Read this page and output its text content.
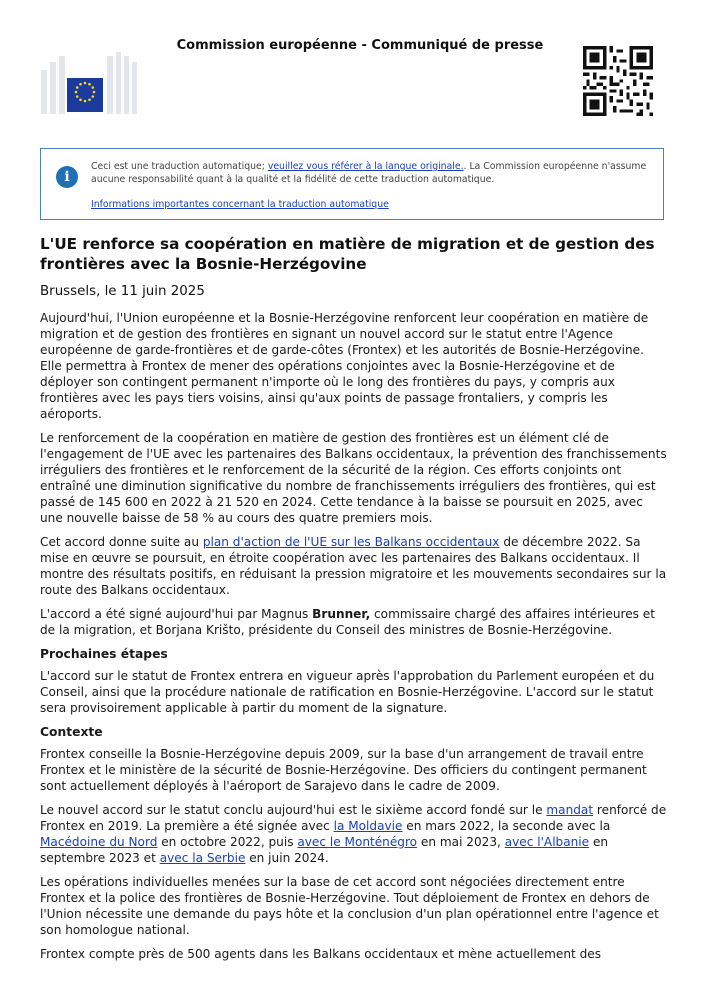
Commission européenne - Communiqué de presse
i
Ceci est une traduction automatique; veuillez vous référer à la langue originale.. La Commission européenne n'assume aucune responsabilité quant à la qualité et la fidélité de cette traduction automatique.
Informations importantes concernant la traduction automatique
L'UE renforce sa coopération en matière de migration et de gestion des frontières avec la Bosnie-Herzégovine
Brussels, le 11 juin 2025

Aujourd'hui, l'Union européenne et la Bosnie-Herzégovine renforcent leur coopération en matière de migration et de gestion des frontières en signant un nouvel accord sur le statut entre l'Agence européenne de garde-frontières et de garde-côtes (Frontex) et les autorités de Bosnie-Herzégovine. Elle permettra à Frontex de mener des opérations conjointes avec la Bosnie-Herzégovine et de déployer son contingent permanent n'importe où le long des frontières du pays, y compris aux frontières avec les pays tiers voisins, ainsi qu'aux points de passage frontaliers, y compris les aéroports.

Le renforcement de la coopération en matière de gestion des frontières est un élément clé de l'engagement de l'UE avec les partenaires des Balkans occidentaux, la prévention des franchissements irréguliers des frontières et le renforcement de la sécurité de la région. Ces efforts conjoints ont entraîné une diminution significative du nombre de franchissements irréguliers des frontières, qui est passé de 145 600 en 2022 à 21 520 en 2024. Cette tendance à la baisse se poursuit en 2025, avec une nouvelle baisse de 58 % au cours des quatre premiers mois.

Cet accord donne suite au plan d'action de l'UE sur les Balkans occidentaux de décembre 2022. Sa mise en œuvre se poursuit, en étroite coopération avec les partenaires des Balkans occidentaux. Il montre des résultats positifs, en réduisant la pression migratoire et les mouvements secondaires sur la route des Balkans occidentaux.

L'accord a été signé aujourd'hui par Magnus Brunner, commissaire chargé des affaires intérieures et de la migration, et Borjana Krišto, présidente du Conseil des ministres de Bosnie-Herzégovine.

Prochaines étapes

L'accord sur le statut de Frontex entrera en vigueur après l'approbation du Parlement européen et du Conseil, ainsi que la procédure nationale de ratification en Bosnie-Herzégovine. L'accord sur le statut sera provisoirement applicable à partir du moment de la signature.

Contexte

Frontex conseille la Bosnie-Herzégovine depuis 2009, sur la base d'un arrangement de travail entre Frontex et le ministère de la sécurité de Bosnie-Herzégovine. Des officiers du contingent permanent sont actuellement déployés à l'aéroport de Sarajevo dans le cadre de 2009.

Le nouvel accord sur le statut conclu aujourd'hui est le sixième accord fondé sur le mandat renforcé de Frontex en 2019. La première a été signée avec la Moldavie en mars 2022, la seconde avec la Macédoine du Nord en octobre 2022, puis avec le Monténégro en mai 2023, avec l'Albanie en septembre 2023 et avec la Serbie en juin 2024.

Les opérations individuelles menées sur la base de cet accord sont négociées directement entre Frontex et la police des frontières de Bosnie-Herzégovine. Tout déploiement de Frontex en dehors de l'Union nécessite une demande du pays hôte et la conclusion d'un plan opérationnel entre l'agence et son homologue national.

Frontex compte près de 500 agents dans les Balkans occidentaux et mène actuellement des
